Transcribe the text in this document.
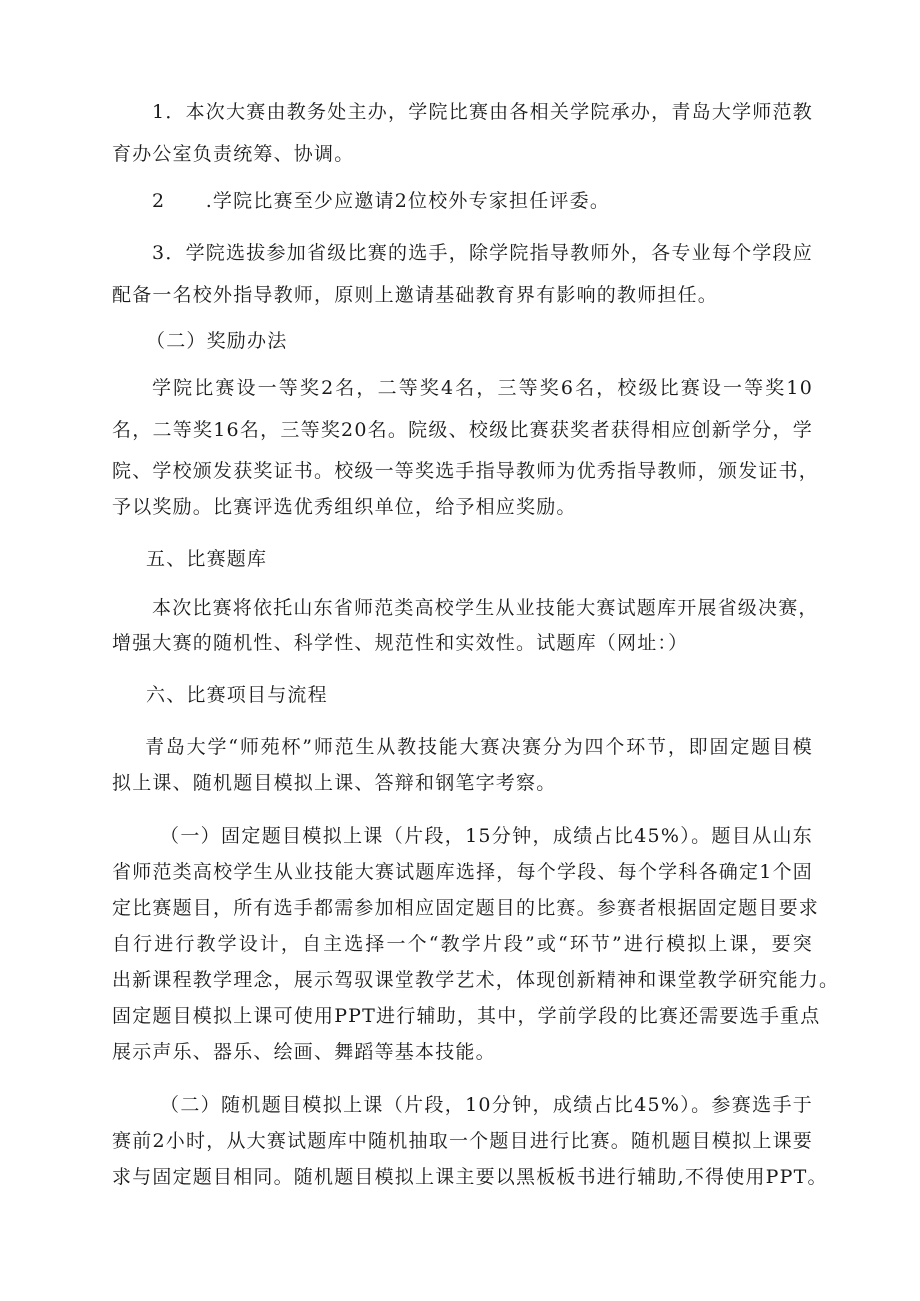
1．本次大赛由教务处主办，学院比赛由各相关学院承办，青岛大学师范教
育办公室负责统筹、协调。
2　　.学院比赛至少应邀请2位校外专家担任评委。
3．学院选拔参加省级比赛的选手，除学院指导教师外，各专业每个学段应
配备一名校外指导教师，原则上邀请基础教育界有影响的教师担任。
（二）奖励办法
学院比赛设一等奖2名，二等奖4名，三等奖6名，校级比赛设一等奖10
名，二等奖16名，三等奖20名。院级、校级比赛获奖者获得相应创新学分，学
院、学校颁发获奖证书。校级一等奖选手指导教师为优秀指导教师，颁发证书，
予以奖励。比赛评选优秀组织单位，给予相应奖励。
五、比赛题库
本次比赛将依托山东省师范类高校学生从业技能大赛试题库开展省级决赛，
增强大赛的随机性、科学性、规范性和实效性。试题库（网址：）
六、比赛项目与流程
青岛大学“师苑杯”师范生从教技能大赛决赛分为四个环节，即固定题目模
拟上课、随机题目模拟上课、答辩和钢笔字考察。
（一）固定题目模拟上课（片段，15分钟，成绩占比45%）。题目从山东
省师范类高校学生从业技能大赛试题库选择，每个学段、每个学科各确定1个固
定比赛题目，所有选手都需参加相应固定题目的比赛。参赛者根据固定题目要求
自行进行教学设计，自主选择一个“教学片段”或“环节”进行模拟上课，要突
出新课程教学理念，展示驾驭课堂教学艺术，体现创新精神和课堂教学研究能力。
固定题目模拟上课可使用PPT进行辅助，其中，学前学段的比赛还需要选手重点
展示声乐、器乐、绘画、舞蹈等基本技能。
（二）随机题目模拟上课（片段，10分钟，成绩占比45%）。参赛选手于
赛前2小时，从大赛试题库中随机抽取一个题目进行比赛。随机题目模拟上课要
求与固定题目相同。随机题目模拟上课主要以黑板板书进行辅助,不得使用PPT。
